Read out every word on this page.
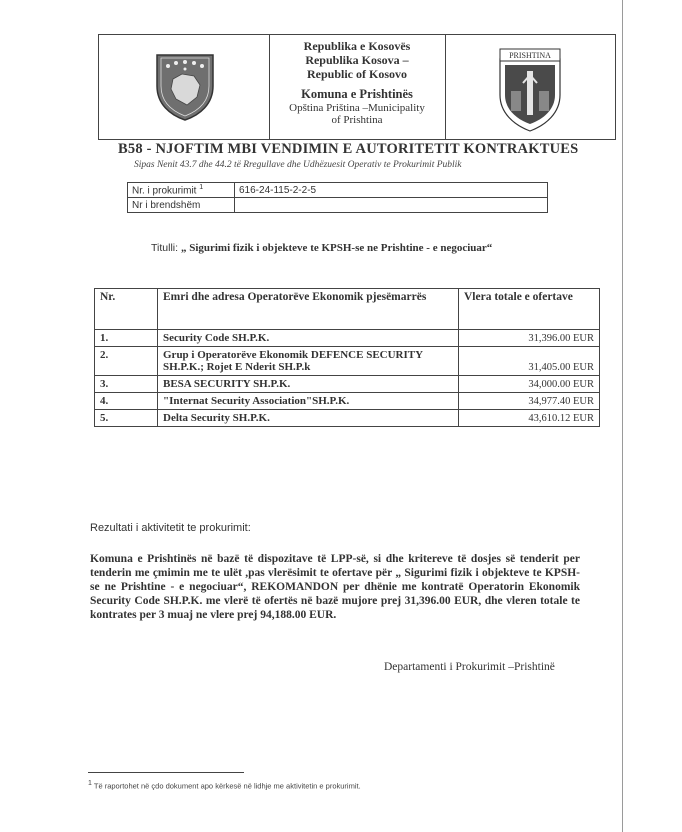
Republika e Kosovës
Republika Kosova –
Republic of Kosovo
Komuna e Prishtinës
Opština Priština –Municipality
of Prishtina
PRISHTINA
B58 - NJOFTIM MBI VENDIMIN E AUTORITETIT KONTRAKTUES
Sipas Nenit 43.7 dhe 44.2 të Rregullave dhe Udhëzuesit Operativ te Prokurimit Publik
Nr. i prokurimit $^1$	616-24-115-2-2-5
Nr i brendshëm	
Titulli: „ Sigurimi fizik i objekteve te KPSH-se ne Prishtine - e negociuar“
Nr.	Emri dhe adresa Operatorëve Ekonomik pjesëmarrës	Vlera totale e ofertave
1.	Security Code SH.P.K.	31,396.00 EUR
2.	Grup i Operatorëve Ekonomik DEFENCE SECURITY SH.P.K.; Rojet E Nderit SH.P.k	31,405.00 EUR
3.	BESA SECURITY SH.P.K.	34,000.00 EUR
4.	"Internat Security Association"SH.P.K.	34,977.40 EUR
5.	Delta Security SH.P.K.	43,610.12 EUR
Rezultati i aktivitetit te prokurimit:
Komuna e Prishtinës në bazë të dispozitave të LPP-së, si dhe kritereve të dosjes së tenderit per tenderin me çmimin me te ulët ,pas vlerësimit te ofertave për „ Sigurimi fizik i objekteve te KPSH-se ne Prishtine - e negociuar“, REKOMANDON per dhënie me kontratë Operatorin Ekonomik Security Code SH.P.K. me vlerë të ofertës në bazë mujore prej 31,396.00 EUR, dhe vleren totale te kontrates per 3 muaj ne vlere prej 94,188.00 EUR.
Departamenti i Prokurimit –Prishtinë
$^1$ Të raportohet në çdo dokument apo kërkesë në lidhje me aktivitetin e prokurimit.
